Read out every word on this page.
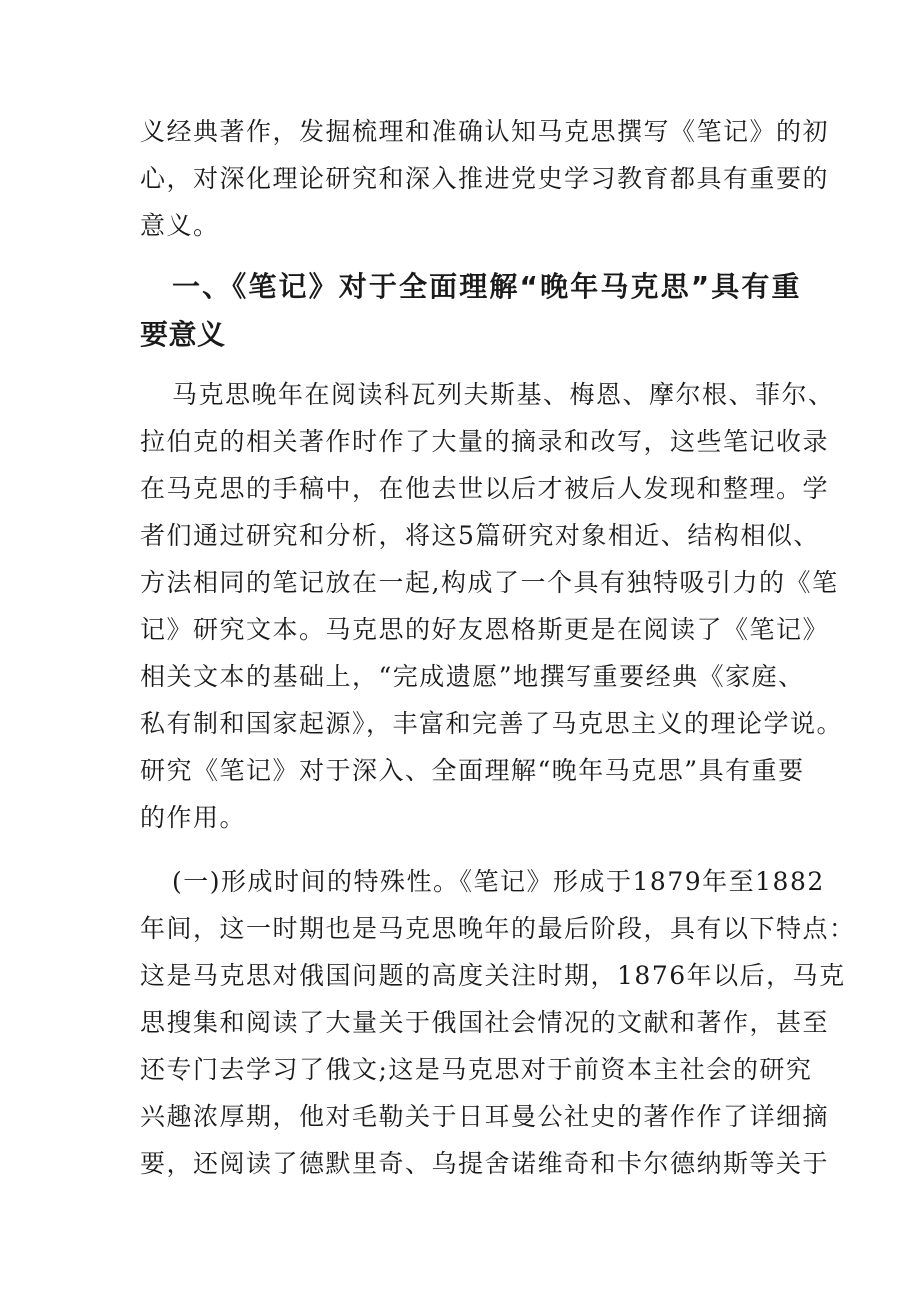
义经典著作，发掘梳理和准确认知马克思撰写《笔记》的初
心，对深化理论研究和深入推进党史学习教育都具有重要的
意义。
一、《笔记》对于全面理解“晚年马克思”具有重
要意义
马克思晚年在阅读科瓦列夫斯基、梅恩、摩尔根、菲尔、
拉伯克的相关著作时作了大量的摘录和改写，这些笔记收录
在马克思的手稿中，在他去世以后才被后人发现和整理。学
者们通过研究和分析，将这5篇研究对象相近、结构相似、
方法相同的笔记放在一起,构成了一个具有独特吸引力的《笔
记》研究文本。马克思的好友恩格斯更是在阅读了《笔记》
相关文本的基础上，“完成遗愿”地撰写重要经典《家庭、
私有制和国家起源》，丰富和完善了马克思主义的理论学说。
研究《笔记》对于深入、全面理解“晚年马克思”具有重要
的作用。
(一)形成时间的特殊性。《笔记》形成于1879年至1882
年间，这一时期也是马克思晚年的最后阶段，具有以下特点：
这是马克思对俄国问题的高度关注时期，1876年以后，马克
思搜集和阅读了大量关于俄国社会情况的文献和著作，甚至
还专门去学习了俄文;这是马克思对于前资本主社会的研究
兴趣浓厚期，他对毛勒关于日耳曼公社史的著作作了详细摘
要，还阅读了德默里奇、乌提舍诺维奇和卡尔德纳斯等关于
